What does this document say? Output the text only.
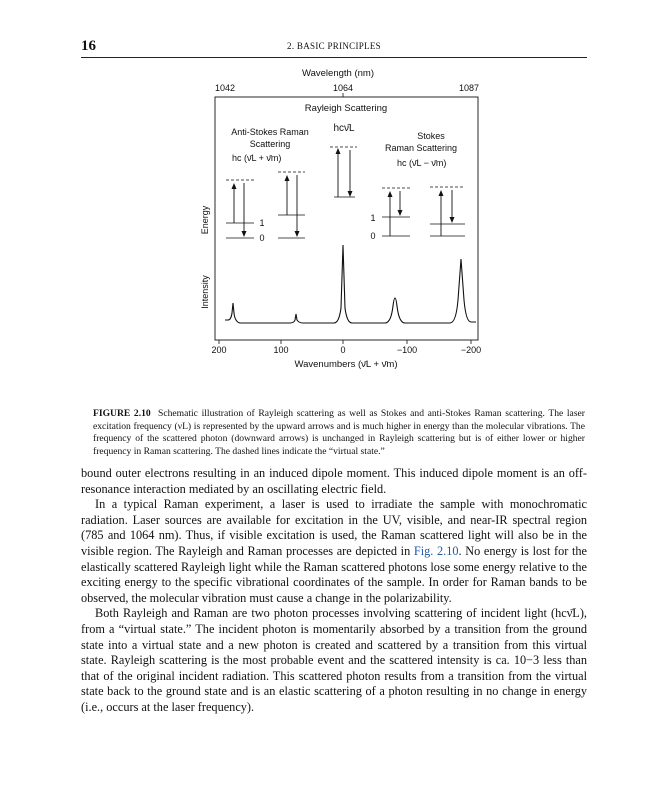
16	2. BASIC PRINCIPLES
Wavelength (nm)
1042	1064	1087
Energy
Intensity
Rayleigh Scattering
hcν̄L
Anti-Stokes Raman
Scattering
hc (ν̄L + ν̄m)
1
0
Stokes
Raman Scattering
hc (ν̄L − ν̄m)
1
0
200	100	0	−100	−200
Wavenumbers (ν̄L + ν̄m)
FIGURE 2.10 Schematic illustration of Rayleigh scattering as well as Stokes and anti-Stokes Raman scattering. The laser excitation frequency (νL) is represented by the upward arrows and is much higher in energy than the molecular vibrations. The frequency of the scattered photon (downward arrows) is unchanged in Rayleigh scattering but is of either lower or higher frequency in Raman scattering. The dashed lines indicate the “virtual state.”

bound outer electrons resulting in an induced dipole moment. This induced dipole moment is an off-resonance interaction mediated by an oscillating electric field.

In a typical Raman experiment, a laser is used to irradiate the sample with monochromatic radiation. Laser sources are available for excitation in the UV, visible, and near-IR spectral region (785 and 1064 nm). Thus, if visible excitation is used, the Raman scattered light will also be in the visible region. The Rayleigh and Raman processes are depicted in Fig. 2.10. No energy is lost for the elastically scattered Rayleigh light while the Raman scattered photons lose some energy relative to the exciting energy to the specific vibrational coordinates of the sample. In order for Raman bands to be observed, the molecular vibration must cause a change in the polarizability.

Both Rayleigh and Raman are two photon processes involving scattering of incident light (hcν̄L), from a “virtual state.” The incident photon is momentarily absorbed by a transition from the ground state into a virtual state and a new photon is created and scattered by a transition from this virtual state. Rayleigh scattering is the most probable event and the scattered intensity is ca. 10−3 less than that of the original incident radiation. This scattered photon results from a transition from the virtual state back to the ground state and is an elastic scattering of a photon resulting in no change in energy (i.e., occurs at the laser frequency).
